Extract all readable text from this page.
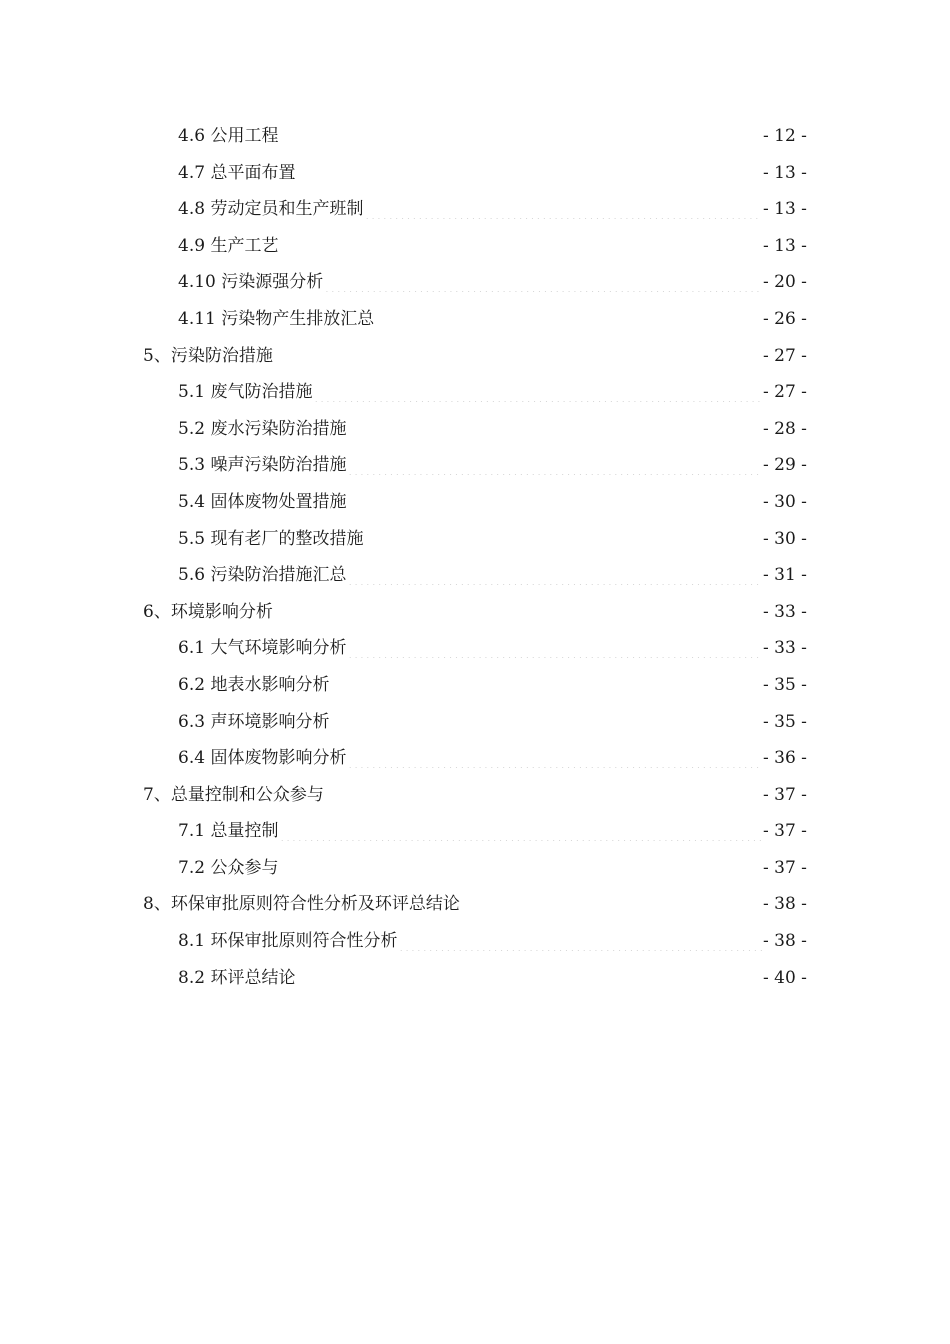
4.6 公用工程 .....	- 12 -
4.7 总平面布置 .....	- 13 -
4.8 劳动定员和生产班制 .....	- 13 -
4.9 生产工艺 .....	- 13 -
4.10 污染源强分析 .....	- 20 -
4.11 污染物产生排放汇总 .....	- 26 -
5、污染防治措施 .....	- 27 -
5.1 废气防治措施 .....	- 27 -
5.2 废水污染防治措施 .....	- 28 -
5.3 噪声污染防治措施 .....	- 29 -
5.4 固体废物处置措施 .....	- 30 -
5.5 现有老厂的整改措施 .....	- 30 -
5.6 污染防治措施汇总 .....	- 31 -
6、环境影响分析 .....	- 33 -
6.1 大气环境影响分析 .....	- 33 -
6.2 地表水影响分析 .....	- 35 -
6.3 声环境影响分析 .....	- 35 -
6.4 固体废物影响分析 .....	- 36 -
7、总量控制和公众参与 .....	- 37 -
7.1 总量控制 .....	- 37 -
7.2 公众参与 .....	- 37 -
8、环保审批原则符合性分析及环评总结论 .....	- 38 -
8.1 环保审批原则符合性分析 .....	- 38 -
8.2 环评总结论 .....	- 40 -
